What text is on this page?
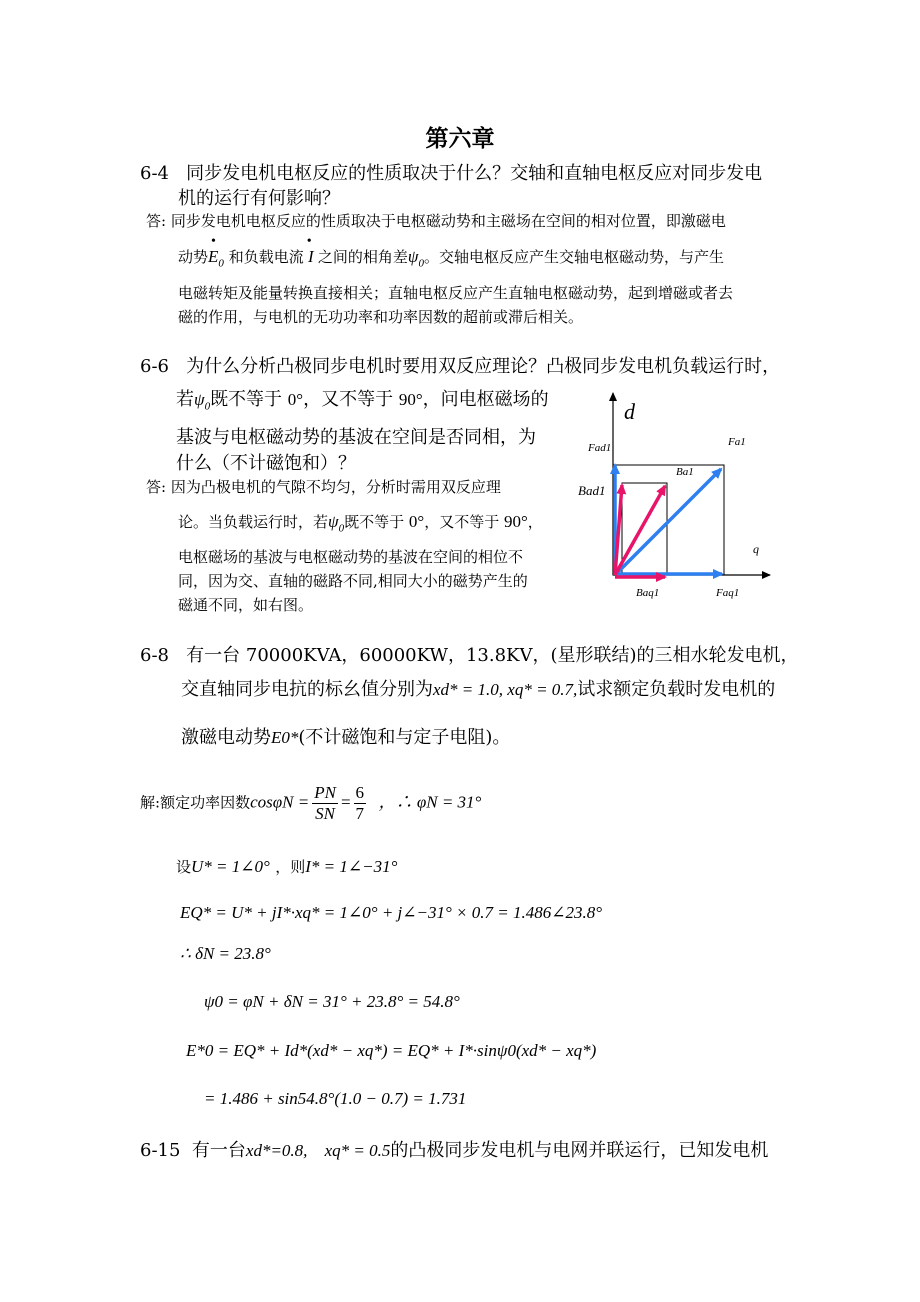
第六章
6-4 同步发电机电枢反应的性质取决于什么？交轴和直轴电枢反应对同步发电
机的运行有何影响？
答: 同步发电机电枢反应的性质取决于电枢磁动势和主磁场在空间的相对位置，即激磁电
动势• $E_0$ 和负载电流•  I 之间的相角差$\psi_0$。交轴电枢反应产生交轴电枢磁动势，与产生
电磁转矩及能量转换直接相关；直轴电枢反应产生直轴电枢磁动势，起到增磁或者去
磁的作用，与电机的无功功率和功率因数的超前或滞后相关。
6-6 为什么分析凸极同步电机时要用双反应理论？凸极同步发电机负载运行时，
若$\psi_0$既不等于 0°，又不等于 90°，问电枢磁场的
基波与电枢磁动势的基波在空间是否同相，为
什么（不计磁饱和）？
答: 因为凸极电机的气隙不均匀，分析时需用双反应理
论。当负载运行时，若$\psi_0$既不等于 0°，又不等于 90°，
电枢磁场的基波与电枢磁动势的基波在空间的相位不
同，因为交、直轴的磁路不同,相同大小的磁势产生的
磁通不同，如右图。
d
q
Fa1
Fad1
Ba1
Bad1
Baq1	Faq1
6-8 有一台 70000KVA，60000KW，13.8KV，(星形联结)的三相水轮发电机，
交直轴同步电抗的标幺值分别为xd* = 1.0, xq* = 0.7,试求额定负载时发电机的
激磁电动势E0*(不计磁饱和与定子电阻)。
解:额定功率因数$\cos\varphi N = \frac{PN}{SN} = \frac{6}{7}$ ，∴ φN = 31°
设U* = 1∠0° ，则I* = 1∠−31°
EQ* = U* + jI*·xq* = 1∠0° + j∠−31° × 0.7 = 1.486∠23.8°
∴ δN = 23.8°
ψ0 = φN + δN = 31° + 23.8° = 54.8°
E*0 = EQ* + Id*(xd* − xq*) = EQ* + I*·sinψ0(xd* − xq*)
= 1.486 + sin54.8°(1.0 − 0.7) = 1.731
6-15 有一台xd*=0.8, xq* = 0.5的凸极同步发电机与电网并联运行，已知发电机
